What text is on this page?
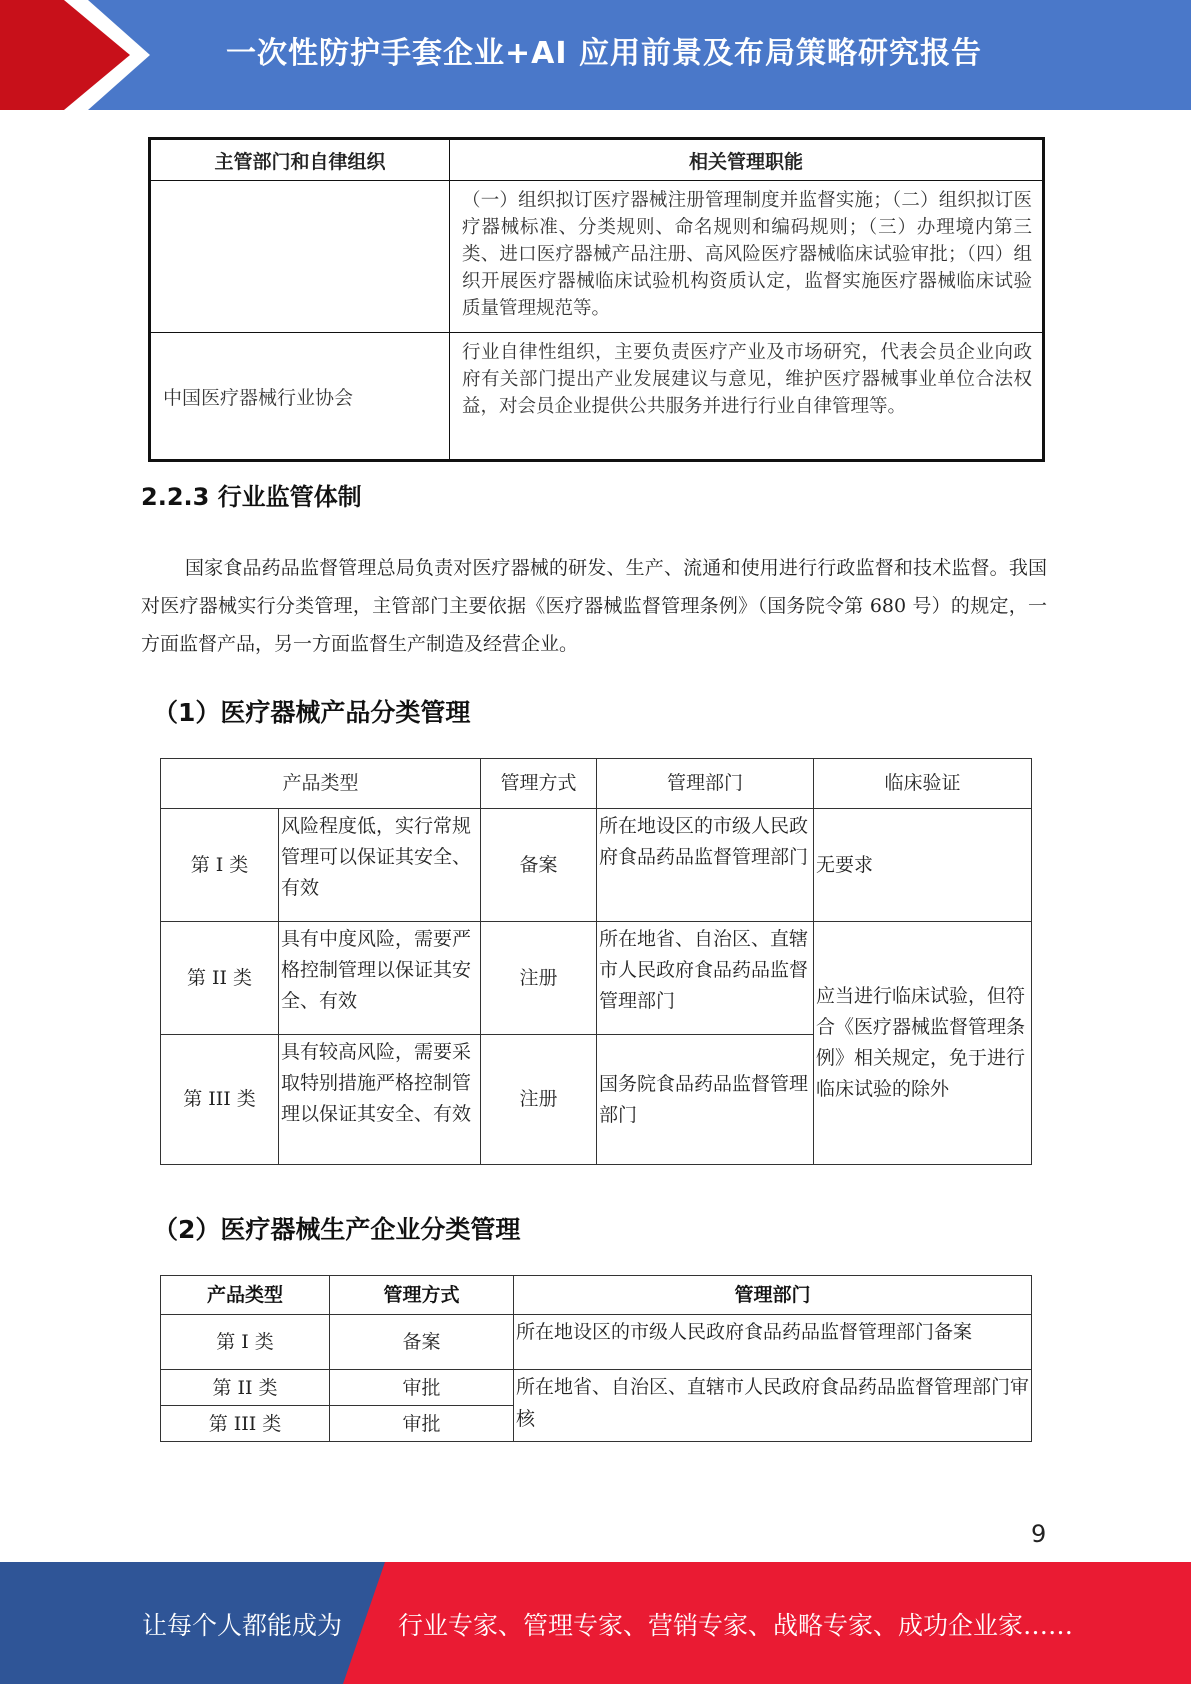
一次性防护手套企业+AI 应用前景及布局策略研究报告
主管部门和自律组织	相关管理职能
	（一）组织拟订医疗器械注册管理制度并监督实施；（二）组织拟订医疗器械标准、分类规则、命名规则和编码规则；（三）办理境内第三类、进口医疗器械产品注册、高风险医疗器械临床试验审批；（四）组织开展医疗器械临床试验机构资质认定，监督实施医疗器械临床试验质量管理规范等。
中国医疗器械行业协会	行业自律性组织，主要负责医疗产业及市场研究，代表会员企业向政府有关部门提出产业发展建议与意见，维护医疗器械事业单位合法权益，对会员企业提供公共服务并进行行业自律管理等。
2.2.3 行业监管体制

国家食品药品监督管理总局负责对医疗器械的研发、生产、流通和使用进行行政监督和技术监督。我国对医疗器械实行分类管理，主管部门主要依据《医疗器械监督管理条例》（国务院令第 680 号）的规定，一方面监督产品，另一方面监督生产制造及经营企业。

（1）医疗器械产品分类管理
产品类型		管理方式	管理部门	临床验证
第 I 类	风险程度低，实行常规管理可以保证其安全、有效	备案	所在地设区的市级人民政府食品药品监督管理部门	无要求
第 II 类	具有中度风险，需要严格控制管理以保证其安全、有效	注册	所在地省、自治区、直辖市人民政府食品药品监督管理部门	应当进行临床试验，但符合《医疗器械监督管理条例》相关规定，免于进行临床试验的除外
第 III 类	具有较高风险，需要采取特别措施严格控制管理以保证其安全、有效	注册	国务院食品药品监督管理部门	
（2）医疗器械生产企业分类管理
产品类型	管理方式	管理部门
第 I 类	备案	所在地设区的市级人民政府食品药品监督管理部门备案
第 II 类	审批	所在地省、自治区、直辖市人民政府食品药品监督管理部门审核
第 III 类	审批	
9
让每个人都能成为 行业专家、管理专家、营销专家、战略专家、成功企业家……
